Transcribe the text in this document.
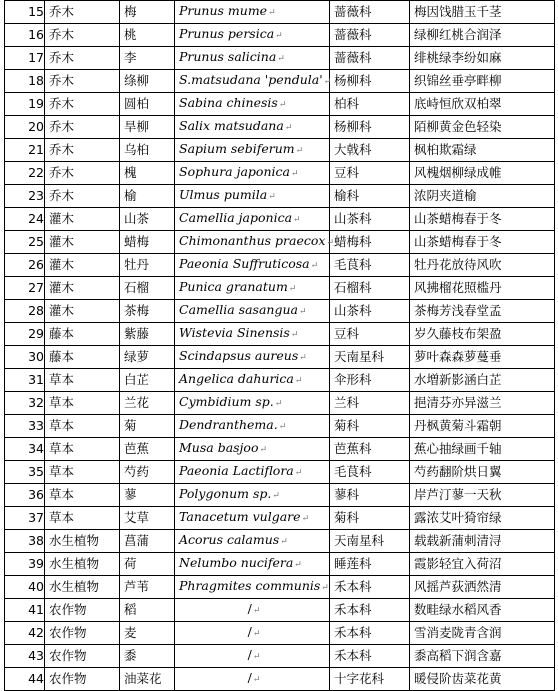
15	乔木	梅	Prunus mume↵	蔷薇科	梅因饯腊玉千茎
16	乔木	桃	Prunus persica↵	蔷薇科	绿柳红桃合润泽
17	乔木	李	Prunus salicina↵	蔷薇科	绯桃绿李纷如麻
18	乔木	绦柳	S.matsudana 'pendula'↵	杨柳科	织锦丝垂亭畔柳
19	乔木	圆柏	Sabina chinesis↵	柏科	底峙恒欣双柏翠
20	乔木	旱柳	Salix matsudana↵	杨柳科	陌柳黄金色轻染
21	乔木	乌桕	Sapium sebiferum↵	大戟科	枫桕欺霜绿
22	乔木	槐	Sophura japonica↵	豆科	风槐烟柳绿成帷
23	乔木	榆	Ulmus pumila↵	榆科	浓阴夹道榆
24	灌木	山茶	Camellia japonica↵	山茶科	山茶蜡梅春于冬
25	灌木	蜡梅	Chimonanthus praecox↵	蜡梅科	山茶蜡梅春于冬
26	灌木	牡丹	Paeonia Suffruticosa↵	毛茛科	牡丹花放待风吹
27	灌木	石榴	Punica granatum↵	石榴科	风拂榴花照槛丹
28	灌木	茶梅	Camellia sasangua↵	山茶科	茶梅芳浅春堂孟
29	藤本	紫藤	Wistevia Sinensis↵	豆科	岁久藤枝布架盈
30	藤本	绿萝	Scindapsus aureus↵	天南星科	萝叶森森萝蔓垂
31	草本	白芷	Angelica dahurica↵	伞形科	水増新影涵白芷
32	草本	兰花	Cymbidium sp.↵	兰科	挹清芬亦异滋兰
33	草本	菊	Dendranthema.↵	菊科	丹枫黄菊斗霜朝
34	草本	芭蕉	Musa basjoo↵	芭蕉科	蕉心抽绿画千轴
35	草本	芍药	Paeonia Lactiflora↵	毛茛科	芍药翻阶烘日翼
36	草本	蓼	Polygonum sp.↵	蓼科	岸芦汀蓼一天秋
37	草本	艾草	Tanacetum vulgare↵	菊科	露浓艾叶猗帘绿
38	水生植物	菖蒲	Acorus calamus↵	天南星科	载载新蒲刺清浔
39	水生植物	荷	Nelumbo nucifera↵	睡莲科	霞影轻宜入荷沼
40	水生植物	芦苇	Phragmites communis↵	禾本科	风摇芦荻洒然清
41	农作物	稻	/↵	禾本科	数畦绿水稻风香
42	农作物	麦	/↵	禾本科	雪消麦陇青含润
43	农作物	黍	/↵	禾本科	黍高稻下润含嘉
44	农作物	油菜花	/↵	十字花科	暖侵阶齿菜花黄
